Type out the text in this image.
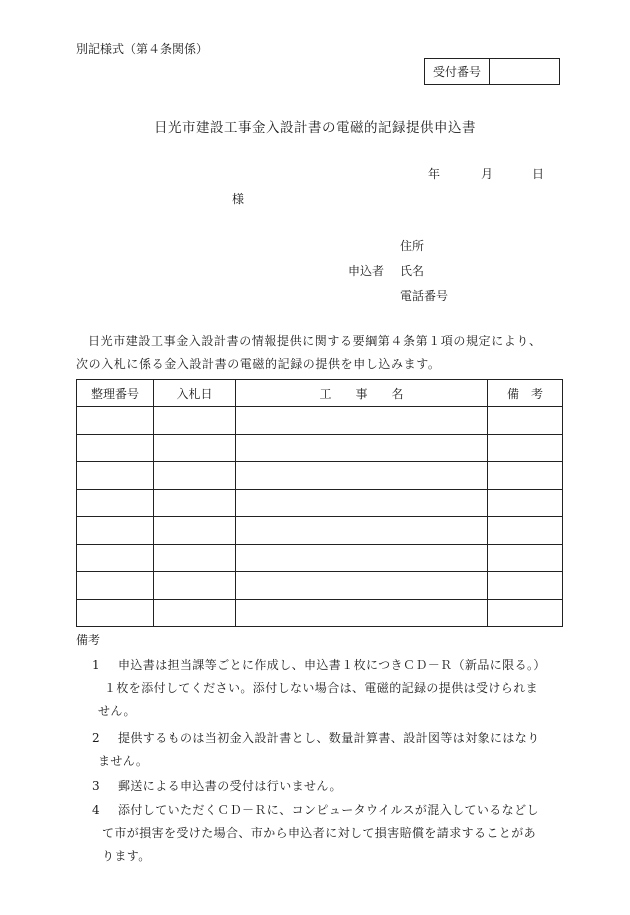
別記様式（第４条関係）
受付番号
日光市建設工事金入設計書の電磁的記録提供申込書
年	月	日
様
住所
申込者 氏名
電話番号
日光市建設工事金入設計書の情報提供に関する要綱第４条第１項の規定により、
次の入札に係る金入設計書の電磁的記録の提供を申し込みます。
整理番号	入札日	工　　事　　名	備　考

備考
1	申込書は担当課等ごとに作成し、申込書１枚につきＣＤ－Ｒ（新品に限る。）
１枚を添付してください。添付しない場合は、電磁的記録の提供は受けられま
せん。
2	提供するものは当初金入設計書とし、数量計算書、設計図等は対象にはなり
ません。
3	郵送による申込書の受付は行いません。
4	添付していただくＣＤ－Ｒに、コンピュータウイルスが混入しているなどし
て市が損害を受けた場合、市から申込者に対して損害賠償を請求することがあ
ります。
